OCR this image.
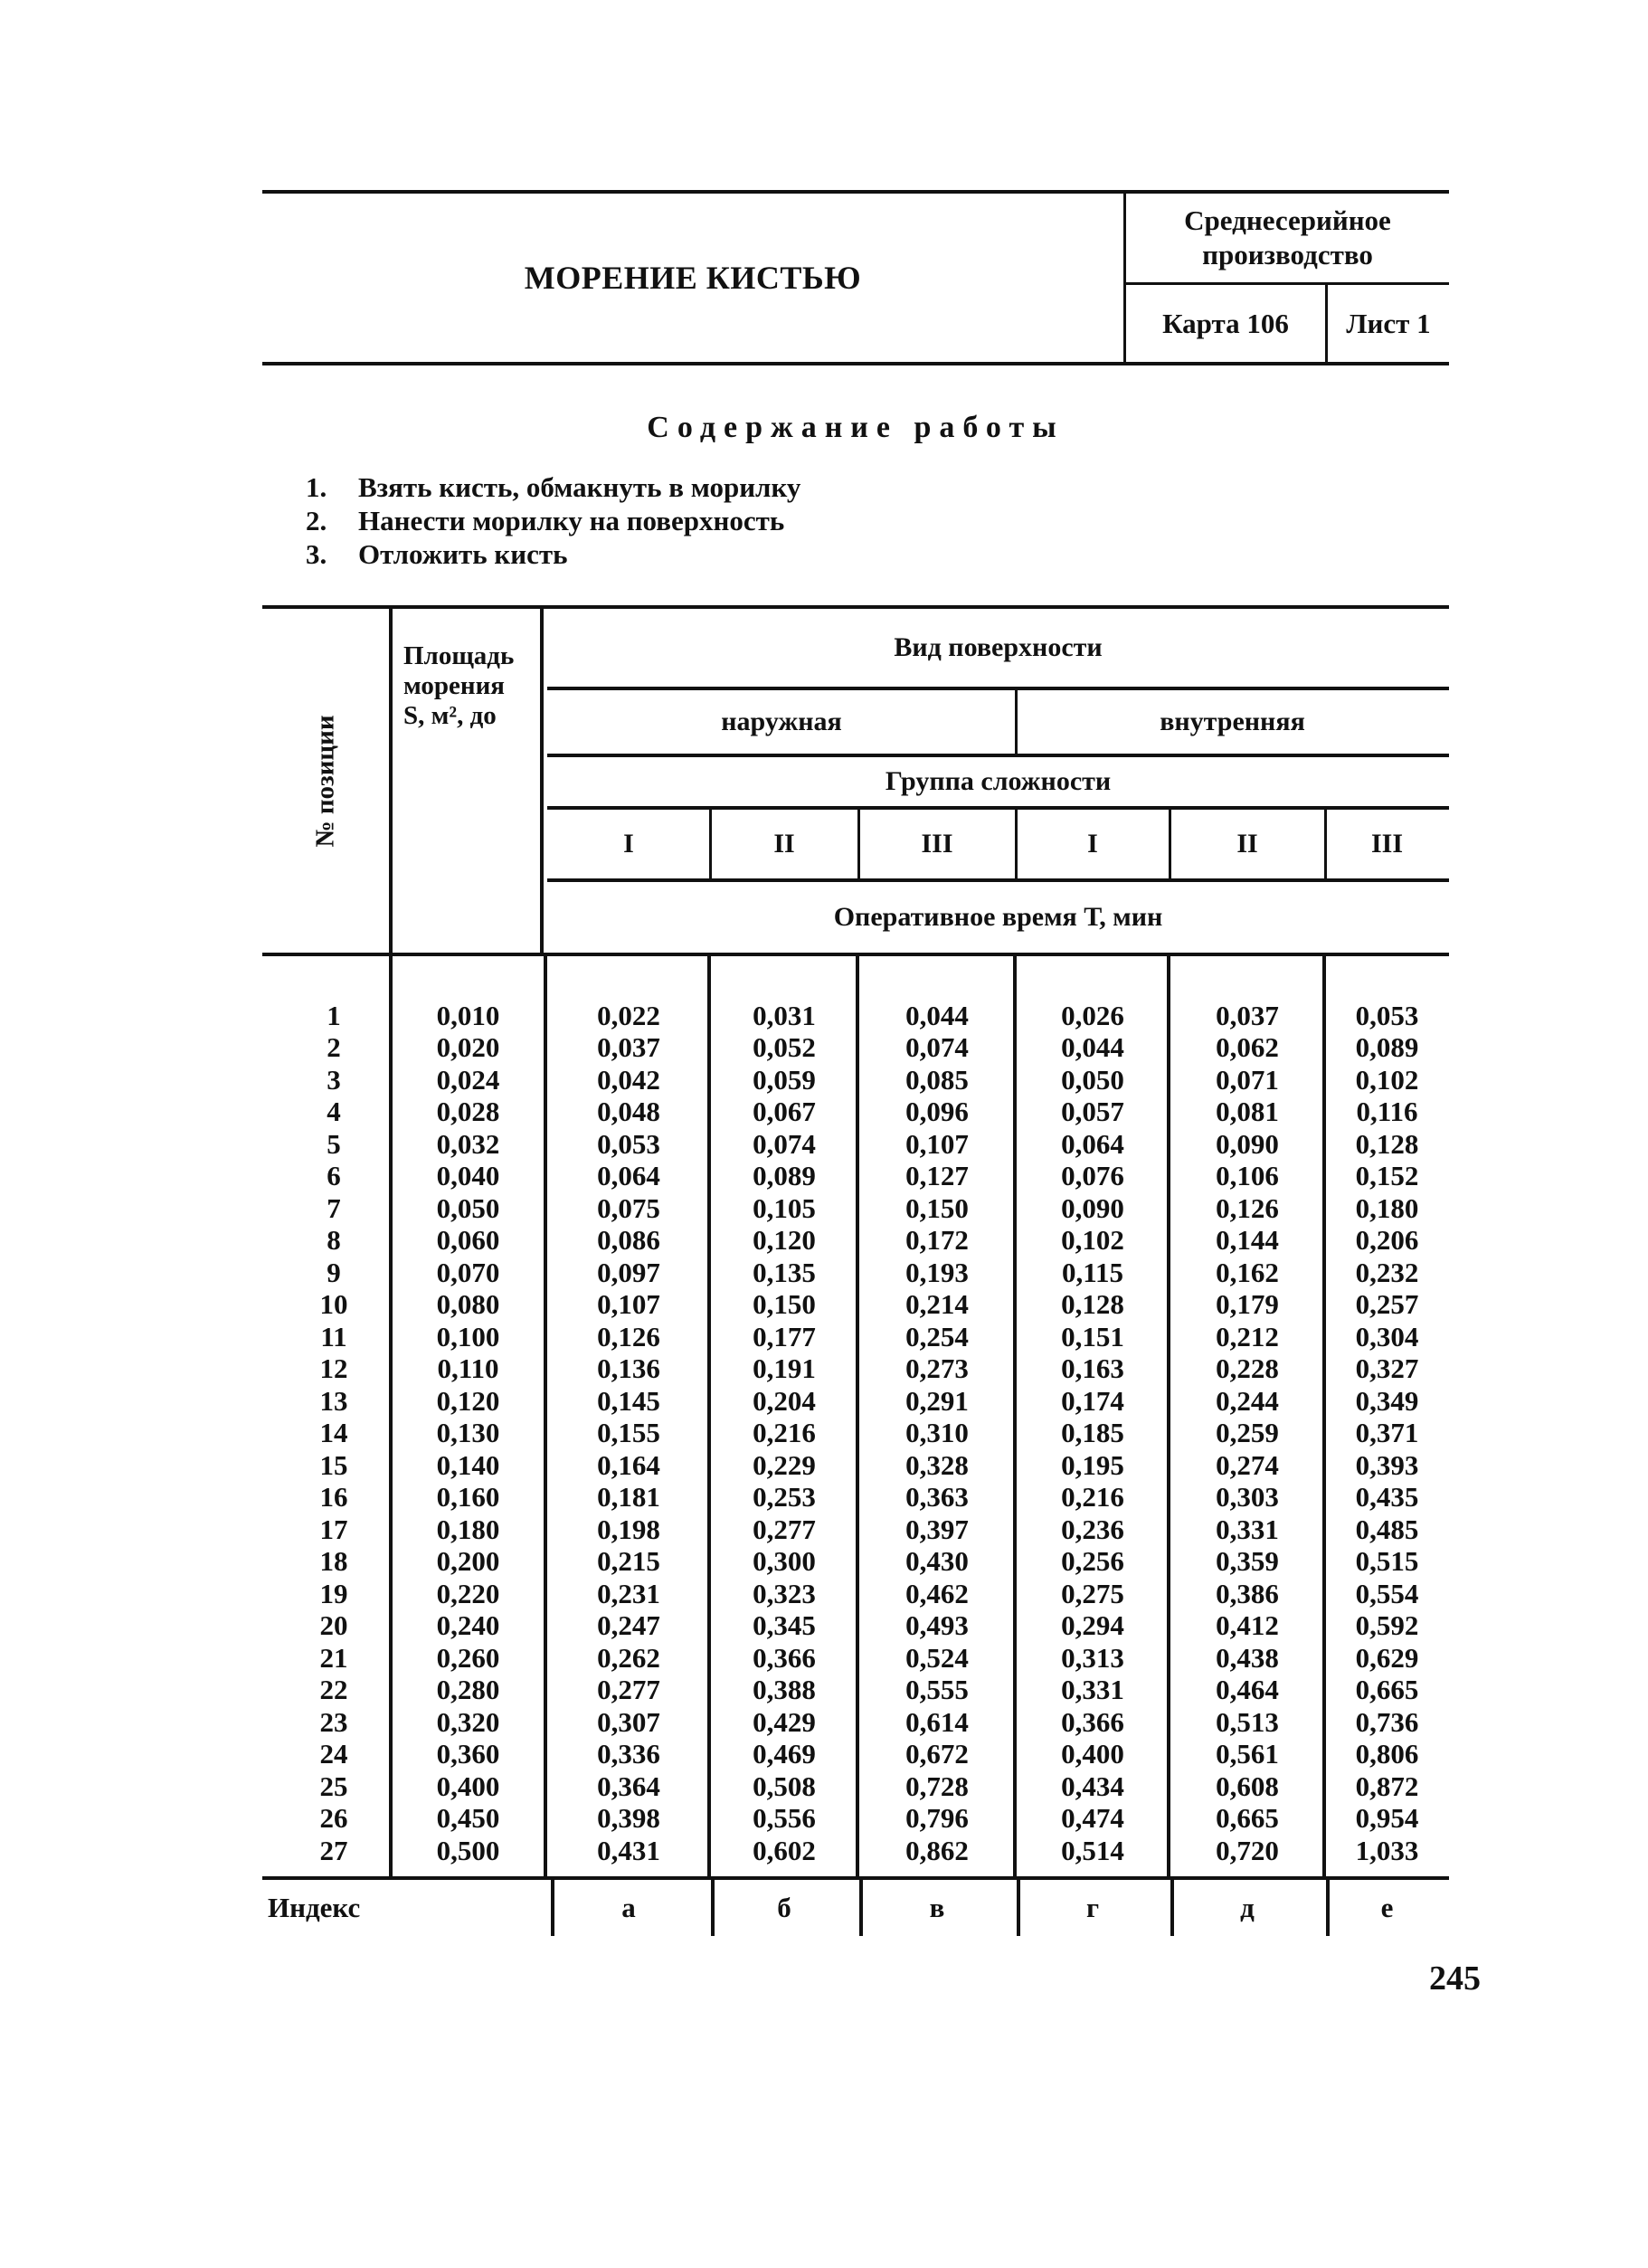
МОРЕНИЕ КИСТЬЮ
Среднесерийное
производство
Карта 106	Лист 1
Содержание работы
1.	Взять кисть, обмакнуть в морилку
2.	Нанести морилку на поверхность
3.	Отложить кисть
№ позиции
Площадь
морения
S, м², до
Вид поверхности
наружная	внутренняя
Группа сложности
I	II	III	I	II	III
Оперативное время Т, мин
1	0,010	0,022	0,031	0,044	0,026	0,037	0,053
2	0,020	0,037	0,052	0,074	0,044	0,062	0,089
3	0,024	0,042	0,059	0,085	0,050	0,071	0,102
4	0,028	0,048	0,067	0,096	0,057	0,081	0,116
5	0,032	0,053	0,074	0,107	0,064	0,090	0,128
6	0,040	0,064	0,089	0,127	0,076	0,106	0,152
7	0,050	0,075	0,105	0,150	0,090	0,126	0,180
8	0,060	0,086	0,120	0,172	0,102	0,144	0,206
9	0,070	0,097	0,135	0,193	0,115	0,162	0,232
10	0,080	0,107	0,150	0,214	0,128	0,179	0,257
11	0,100	0,126	0,177	0,254	0,151	0,212	0,304
12	0,110	0,136	0,191	0,273	0,163	0,228	0,327
13	0,120	0,145	0,204	0,291	0,174	0,244	0,349
14	0,130	0,155	0,216	0,310	0,185	0,259	0,371
15	0,140	0,164	0,229	0,328	0,195	0,274	0,393
16	0,160	0,181	0,253	0,363	0,216	0,303	0,435
17	0,180	0,198	0,277	0,397	0,236	0,331	0,485
18	0,200	0,215	0,300	0,430	0,256	0,359	0,515
19	0,220	0,231	0,323	0,462	0,275	0,386	0,554
20	0,240	0,247	0,345	0,493	0,294	0,412	0,592
21	0,260	0,262	0,366	0,524	0,313	0,438	0,629
22	0,280	0,277	0,388	0,555	0,331	0,464	0,665
23	0,320	0,307	0,429	0,614	0,366	0,513	0,736
24	0,360	0,336	0,469	0,672	0,400	0,561	0,806
25	0,400	0,364	0,508	0,728	0,434	0,608	0,872
26	0,450	0,398	0,556	0,796	0,474	0,665	0,954
27	0,500	0,431	0,602	0,862	0,514	0,720	1,033
Индекс	а	б	в	г	д	е
245
